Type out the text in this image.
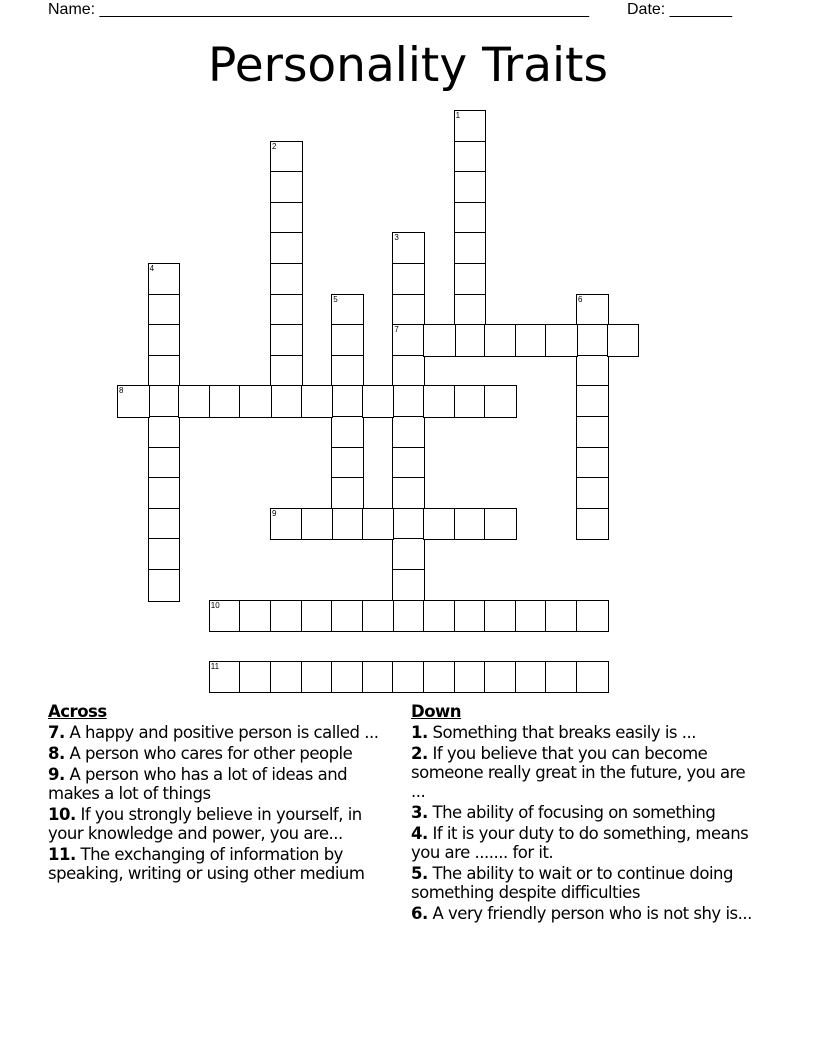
Name: _______________________________________________________ Date: _______
Personality Traits
1
2
3
7
4
5	6
8
9
10
11
Across
7. A happy and positive person is called ...
8. A person who cares for other people
9. A person who has a lot of ideas and makes a lot of things
10. If you strongly believe in yourself, in your knowledge and power, you are...
11. The exchanging of information by speaking, writing or using other medium
Down
1. Something that breaks easily is ...
2. If you believe that you can become someone really great in the future, you are ...
3. The ability of focusing on something
4. If it is your duty to do something, means you are ....... for it.
5. The ability to wait or to continue doing something despite difficulties
6. A very friendly person who is not shy is...
